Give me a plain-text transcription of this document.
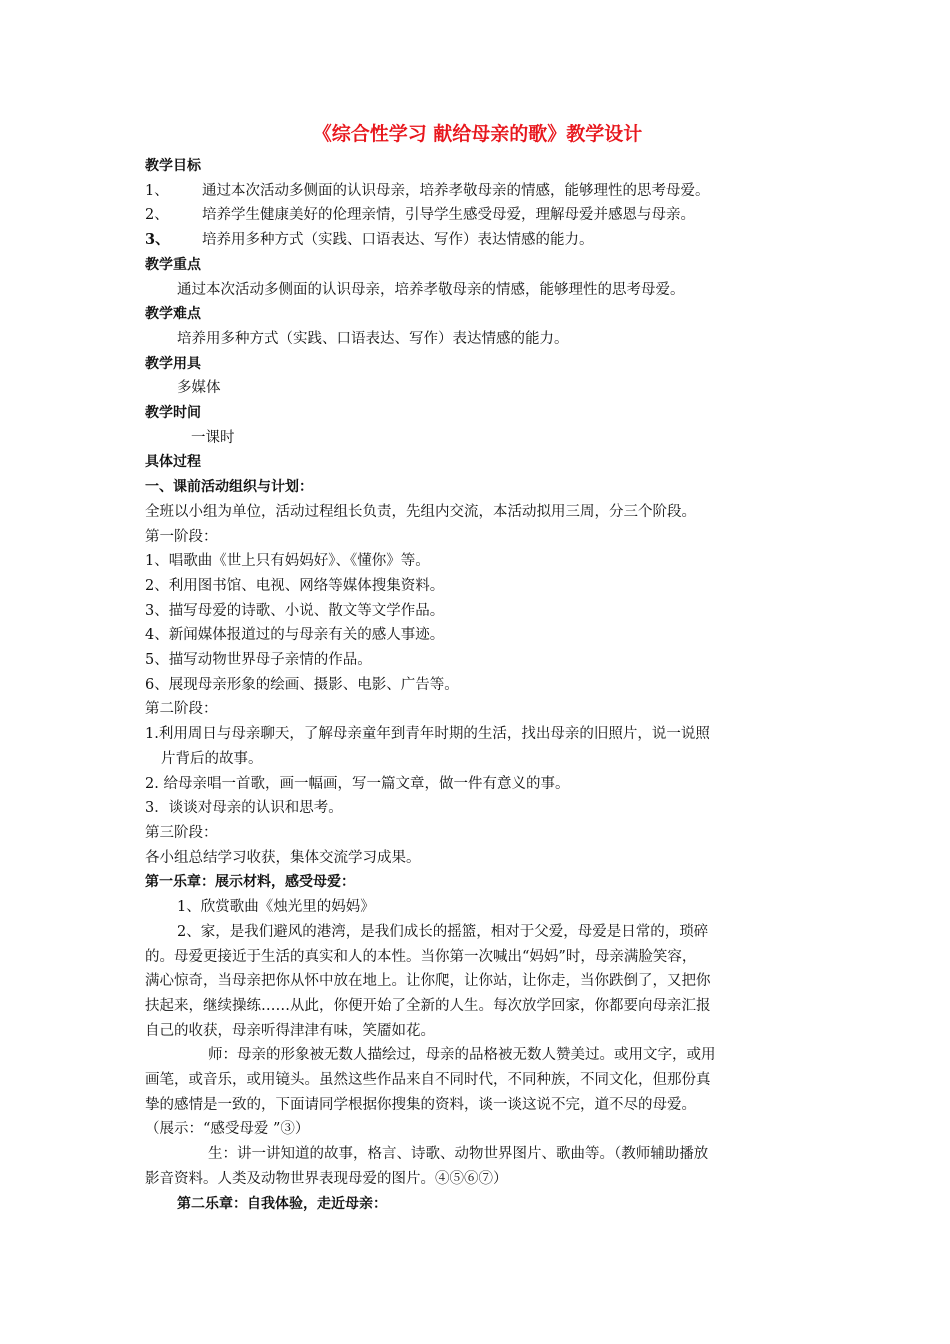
《综合性学习 献给母亲的歌》教学设计
教学目标
1、 通过本次活动多侧面的认识母亲，培养孝敬母亲的情感，能够理性的思考母爱。
2、 培养学生健康美好的伦理亲情，引导学生感受母爱，理解母爱并感恩与母亲。
3、 培养用多种方式（实践、口语表达、写作）表达情感的能力。
教学重点
通过本次活动多侧面的认识母亲，培养孝敬母亲的情感，能够理性的思考母爱。
教学难点
培养用多种方式（实践、口语表达、写作）表达情感的能力。
教学用具
多媒体
教学时间
一课时
具体过程
一、课前活动组织与计划：
全班以小组为单位，活动过程组长负责，先组内交流，本活动拟用三周，分三个阶段。
第一阶段：
1、唱歌曲《世上只有妈妈好》、《懂你》等。
2、利用图书馆、电视、网络等媒体搜集资料。
3、描写母爱的诗歌、小说、散文等文学作品。
4、新闻媒体报道过的与母亲有关的感人事迹。
5、描写动物世界母子亲情的作品。
6、展现母亲形象的绘画、摄影、电影、广告等。
第二阶段：
1.利用周日与母亲聊天，了解母亲童年到青年时期的生活，找出母亲的旧照片，说一说照
片背后的故事。
2. 给母亲唱一首歌，画一幅画，写一篇文章，做一件有意义的事。
3．谈谈对母亲的认识和思考。
第三阶段：
各小组总结学习收获，集体交流学习成果。
第一乐章：展示材料，感受母爱：
1、欣赏歌曲《烛光里的妈妈》
2、家，是我们避风的港湾，是我们成长的摇篮，相对于父爱，母爱是日常的，琐碎
的。母爱更接近于生活的真实和人的本性。当你第一次喊出“妈妈”时，母亲满脸笑容，
满心惊奇，当母亲把你从怀中放在地上。让你爬，让你站，让你走，当你跌倒了，又把你
扶起来，继续操练……从此，你便开始了全新的人生。每次放学回家，你都要向母亲汇报
自己的收获，母亲听得津津有味，笑靥如花。
师：母亲的形象被无数人描绘过，母亲的品格被无数人赞美过。或用文字，或用
画笔，或音乐，或用镜头。虽然这些作品来自不同时代，不同种族，不同文化，但那份真
挚的感情是一致的，下面请同学根据你搜集的资料，谈一谈这说不完，道不尽的母爱。
（展示：“感受母爱 ”③）
生：讲一讲知道的故事，格言、诗歌、动物世界图片、歌曲等。（教师辅助播放
影音资料。人类及动物世界表现母爱的图片。④⑤⑥⑦）
第二乐章：自我体验，走近母亲：
